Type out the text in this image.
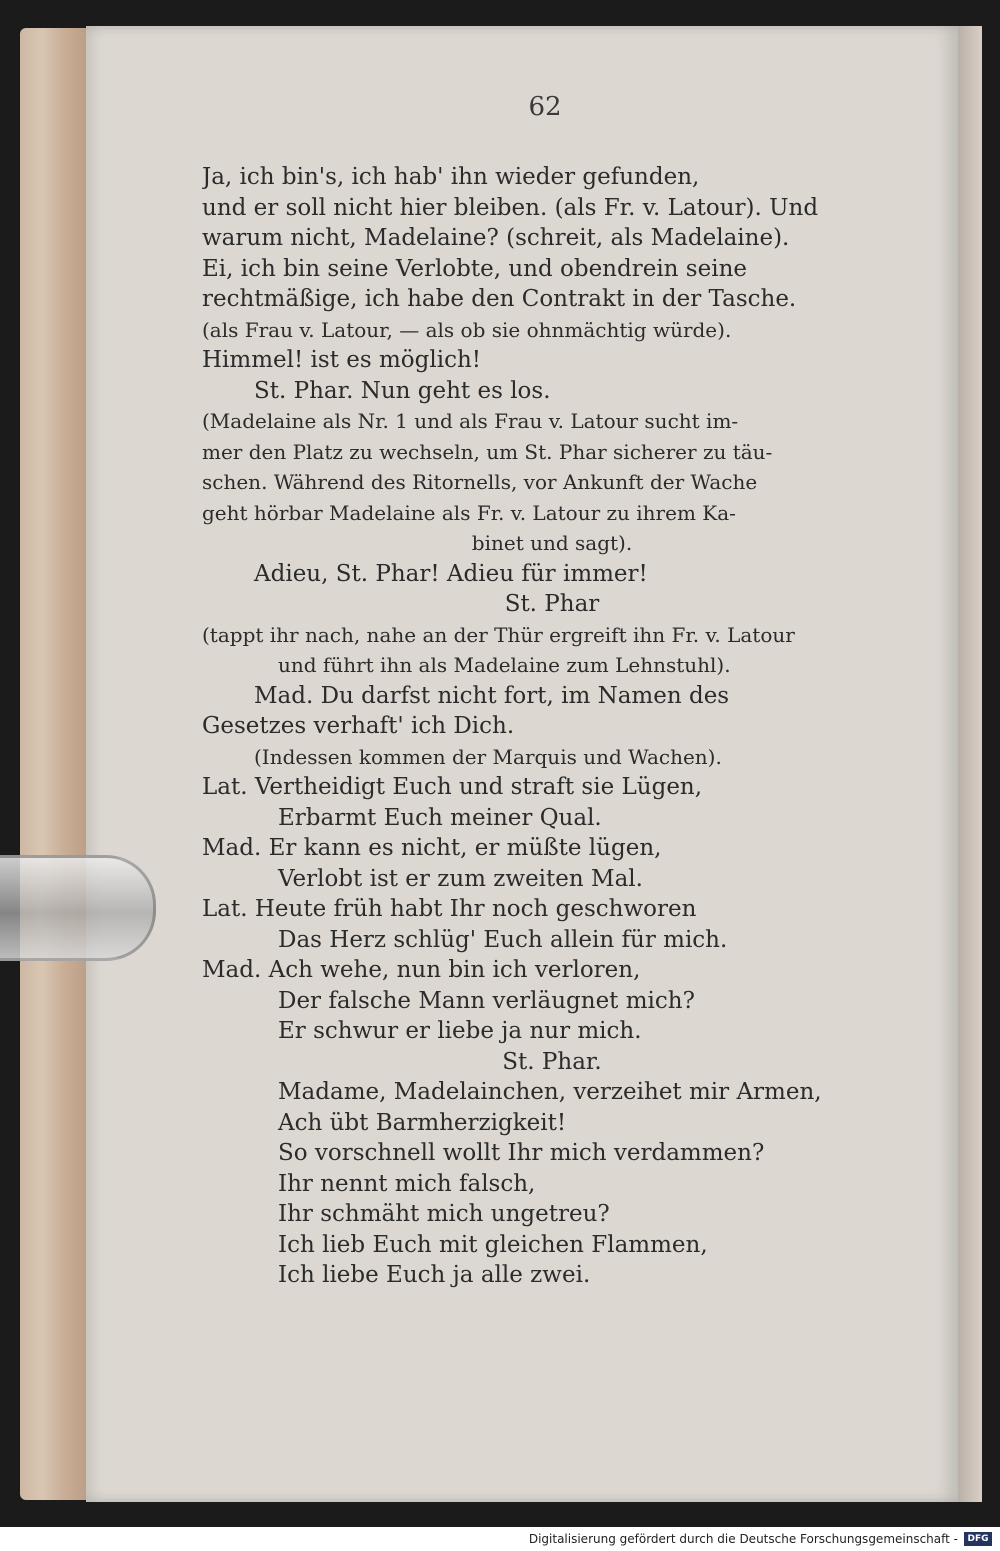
62
Ja, ich bin's, ich hab' ihn wieder gefunden,
und er soll nicht hier bleiben. (als Fr. v. Latour). Und
warum nicht, Madelaine? (schreit, als Madelaine).
Ei, ich bin seine Verlobte, und obendrein seine
rechtmäßige, ich habe den Contrakt in der Tasche.
(als Frau v. Latour, — als ob sie ohnmächtig würde).
Himmel! ist es möglich!
St. Phar. Nun geht es los.
(Madelaine als Nr. 1 und als Frau v. Latour sucht im-
mer den Platz zu wechseln, um St. Phar sicherer zu täu-
schen. Während des Ritornells, vor Ankunft der Wache
geht hörbar Madelaine als Fr. v. Latour zu ihrem Ka-
binet und sagt).
Adieu, St. Phar! Adieu für immer!
St. Phar
(tappt ihr nach, nahe an der Thür ergreift ihn Fr. v. Latour
und führt ihn als Madelaine zum Lehnstuhl).
Mad. Du darfst nicht fort, im Namen des
Gesetzes verhaft' ich Dich.
(Indessen kommen der Marquis und Wachen).
Lat. Vertheidigt Euch und straft sie Lügen,
Erbarmt Euch meiner Qual.
Mad. Er kann es nicht, er müßte lügen,
Verlobt ist er zum zweiten Mal.
Lat. Heute früh habt Ihr noch geschworen
Das Herz schlüg' Euch allein für mich.
Mad. Ach wehe, nun bin ich verloren,
Der falsche Mann verläugnet mich?
Er schwur er liebe ja nur mich.
St. Phar.
Madame, Madelainchen, verzeihet mir Armen,
Ach übt Barmherzigkeit!
So vorschnell wollt Ihr mich verdammen?
Ihr nennt mich falsch,
Ihr schmäht mich ungetreu?
Ich lieb Euch mit gleichen Flammen,
Ich liebe Euch ja alle zwei.
Digitalisierung gefördert durch die Deutsche Forschungsgemeinschaft -	DFG
